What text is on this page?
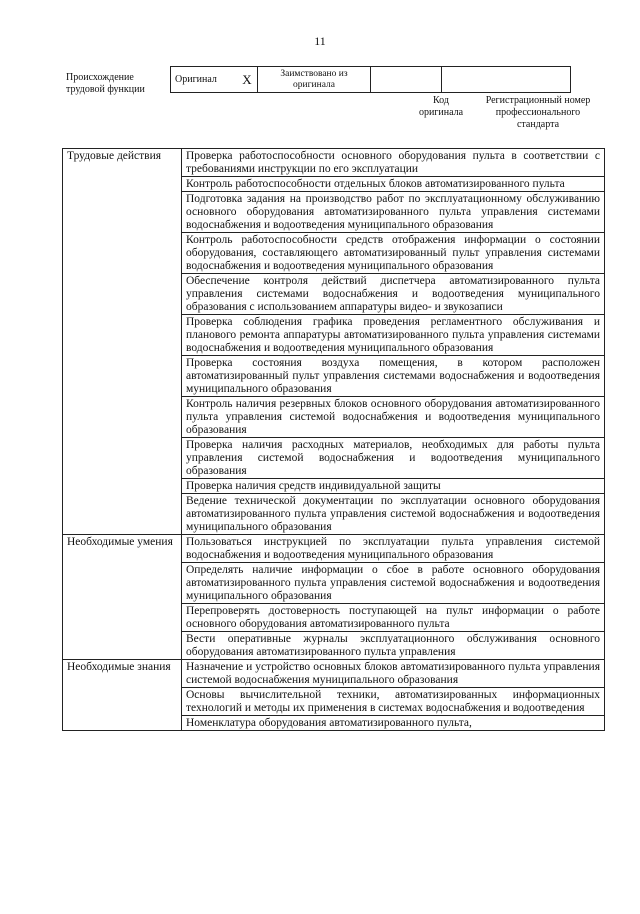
11
Происхождение трудовой функции
Оригинал	X	Заимствовано из оригинала		
Код оригинала
Регистрационный номер профессионального стандарта
Трудовые действия	Проверка работоспособности основного оборудования пульта в соответствии с требованиями инструкции по его эксплуатации
	Контроль работоспособности отдельных блоков автоматизированного пульта
	Подготовка задания на производство работ по эксплуатационному обслуживанию основного оборудования автоматизированного пульта управления системами водоснабжения и водоотведения муниципального образования
	Контроль работоспособности средств отображения информации о состоянии оборудования, составляющего автоматизированный пульт управления системами водоснабжения и водоотведения муниципального образования
	Обеспечение контроля действий диспетчера автоматизированного пульта управления системами водоснабжения и водоотведения муниципального образования с использованием аппаратуры видео- и звукозаписи
	Проверка соблюдения графика проведения регламентного обслуживания и планового ремонта аппаратуры автоматизированного пульта управления системами водоснабжения и водоотведения муниципального образования
	Проверка состояния воздуха помещения, в котором расположен автоматизированный пульт управления системами водоснабжения и водоотведения муниципального образования
	Контроль наличия резервных блоков основного оборудования автоматизированного пульта управления системой водоснабжения и водоотведения муниципального образования
	Проверка наличия расходных материалов, необходимых для работы пульта управления системой водоснабжения и водоотведения муниципального образования
	Проверка наличия средств индивидуальной защиты
	Ведение технической документации по эксплуатации основного оборудования автоматизированного пульта управления системой водоснабжения и водоотведения муниципального образования
Необходимые умения	Пользоваться инструкцией по эксплуатации пульта управления системой водоснабжения и водоотведения муниципального образования
	Определять наличие информации о сбое в работе основного оборудования автоматизированного пульта управления системой водоснабжения и водоотведения муниципального образования
	Перепроверять достоверность поступающей на пульт информации о работе основного оборудования автоматизированного пульта
	Вести оперативные журналы эксплуатационного обслуживания основного оборудования автоматизированного пульта управления
Необходимые знания	Назначение и устройство основных блоков автоматизированного пульта управления системой водоснабжения муниципального образования
	Основы вычислительной техники, автоматизированных информационных технологий и методы их применения в системах водоснабжения и водоотведения
	Номенклатура оборудования автоматизированного пульта,
